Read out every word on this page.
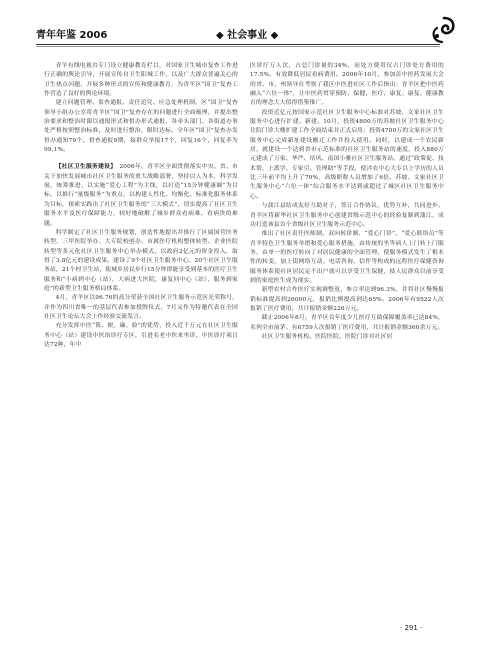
青年年鉴 2006	◆ 社会事业 ◆

青羊有线电视台专门设立健康教育栏目，对国家卫生城市复查工作进行正确的舆论引导，开展宣传自卫生阳城工作，以及广大群众普遍关心的卫生热点问题，开展多种形式的宣传和健康教育，为青羊区“国卫”复查工作营造了良好的舆论环境。

建立问题管理、监查通报、责任追究、应急处理机制。区“国卫”复查领导小组办公室将青羊区“国卫”复查存在的问题进行全面梳理，并提出整治要求和整治时限以通报形式和督办形式通报，各牵头部门、各街道办事处严格按照整治标准，及时进行整治，限时达标，全年区“国卫”复查办发督办通知79个，督查通报9期，接群众举报17个，回复16个，回复率为99.1%。

【社区卫生服务建设】　 2006年，青羊区全面贯彻落实中央、省、市关于加快发展城市社区卫生服务的重大战略部署，坚持以人为本，科学发展，统筹推进，以实施“爱心工程”为主线，以打造“15分钟健康圈”为目标，以推行“量级服务”为重点，以构建人性化、均衡化、标准化服务体系为目标，探索实践出了社区卫生服务的“三大模式”，切实提高了社区卫生服务水平及医疗保障能力，较好地破解了城乡群众看病难、看病贵的难题。

科学制定了社区卫生服务规划，创造性地提出并推行了区属国营医务转型、三甲医院举办、大专院校创办、市属医疗机构整体转型、企业医院转型等多元化社区卫生服务中心举办模式，以政府2亿元的资金投入，取得了3.8亿元的建设成果。建设了9个社区卫生服务中心、20个社区卫生服务站，21个村卫生站，使城乡居民步行15分钟即能享受到基本的医疗卫生服务和“小病到中心（站），大病进大医院，康复回中心（站），服务到家庭”的新型卫生服务格局体系。

4月，青羊区以96.76的高分荣获全国社区卫生服务示范区光荣称号，并作为四川省唯一的基层代表参加授牌仪式。7月又作为特邀代表在全国社区卫生论坛大会上作经验交流发言。

充分发挥中医“简、便、廉、验”的优势，投入近千万元在社区卫生服务中心（站）建设中医治诊疗专区，引进名老中医来坐诊，中医诊疗项目达72种，年中

医诊疗万人次，占总门诊量的34%，而处方费用仅占门诊处方费用的17.5%。有效降低居民看病费用。2006年10月，参加首中医药发展大会的省、市、州领导在考察了我区中医进社区工作后指出：青羊区把中医药融入“六位一体”，让中医药贯穿预防、保健、医疗、康复、康复、健康教育的理念大大值得借鉴推广。

投资近亿元按国家示范社区卫生服务中心标准对苏坡、文家社区卫生服务中心进行扩建、新建。10月，投资4800万的苏坡社区卫生服务中心住院门诊大楼扩建工作全面结束并正式启用；投资4700万的文家社区卫生服务中心完成新址建设搬迁工作并投入使用。同时，以建成一个农民新居，就建设一个达到省市示范标准的社区卫生服务站的速度，投入880万元建成了万家、华严、培风、南国小雅社区卫生服务站。通过“政策促、技术帮、上派学、专家引、管理助”等手段，使涉农中心大专以上学历的人员比三年前平均上升了70%，高级职称人员增加了6倍。苏坡、文家社区卫生服务中心“六位一体”综合服务水平达到或超过了城区社区卫生服务中心。

与蒲江县结成友好互助对子，签订合作协议，优势互补，共同进步。青羊区将新华社区卫生服务中心创建省级示范中心的经验复制到蒲江，成功打造该县首个省级社区卫生服务示范中心。

推出了社区责任医师制、双向转诊制、“爱心门铃”、“爱心联络员”等青羊特色卫生服务举措和爱心服务措施，由传统的坐等病人上门转上门服务，由单一的医疗转向了对居民健康的全面管理，使服务模式发生了根本性的转变。加上街网络互动、电话咨询、信件等构成的远程医疗保健咨询服务体系使社区居民足不出户就可以享受卫生保健，使人民群众以前享受到的家庭医生成为现实。

新型农村合作医疗实现调整返，参合率达到96.3%，并将社区慢慢报销标准提高到26000元，报销比例提高到达65%。2006年有9522人次报销了医疗费用，共计报销金额226万元。

截止2006年8月，青羊区首年度少儿医疗互助保障覆盖率已达84%，名列全市前茅。有6759人次报销了医疗费用，共计报销金额360余万元。

社区卫生服务机构、医院医院、医院门诊对社区居

· 291 ·
